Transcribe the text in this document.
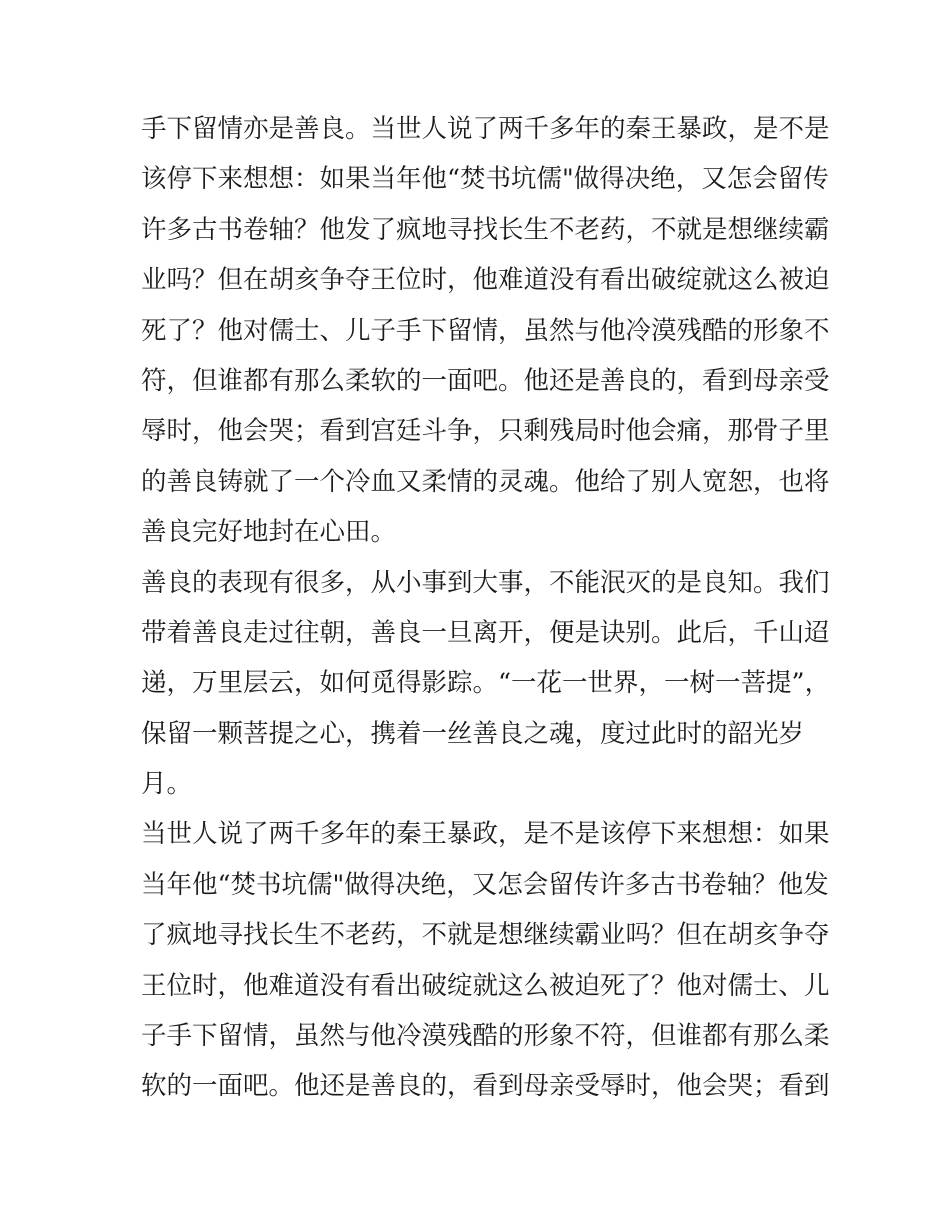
手下留情亦是善良。当世人说了两千多年的秦王暴政，是不是
该停下来想想：如果当年他“焚书坑儒"做得决绝，又怎会留传
许多古书卷轴？他发了疯地寻找长生不老药，不就是想继续霸
业吗？但在胡亥争夺王位时，他难道没有看出破绽就这么被迫
死了？他对儒士、儿子手下留情，虽然与他冷漠残酷的形象不
符，但谁都有那么柔软的一面吧。他还是善良的，看到母亲受
辱时，他会哭；看到宫廷斗争，只剩残局时他会痛，那骨子里
的善良铸就了一个冷血又柔情的灵魂。他给了别人宽恕，也将
善良完好地封在心田。
善良的表现有很多，从小事到大事，不能泯灭的是良知。我们
带着善良走过往朝，善良一旦离开，便是诀别。此后，千山迢
递，万里层云，如何觅得影踪。“一花一世界，一树一菩提”，
保留一颗菩提之心，携着一丝善良之魂，度过此时的韶光岁
月。
当世人说了两千多年的秦王暴政，是不是该停下来想想：如果
当年他“焚书坑儒"做得决绝，又怎会留传许多古书卷轴？他发
了疯地寻找长生不老药，不就是想继续霸业吗？但在胡亥争夺
王位时，他难道没有看出破绽就这么被迫死了？他对儒士、儿
子手下留情，虽然与他冷漠残酷的形象不符，但谁都有那么柔
软的一面吧。他还是善良的，看到母亲受辱时，他会哭；看到
